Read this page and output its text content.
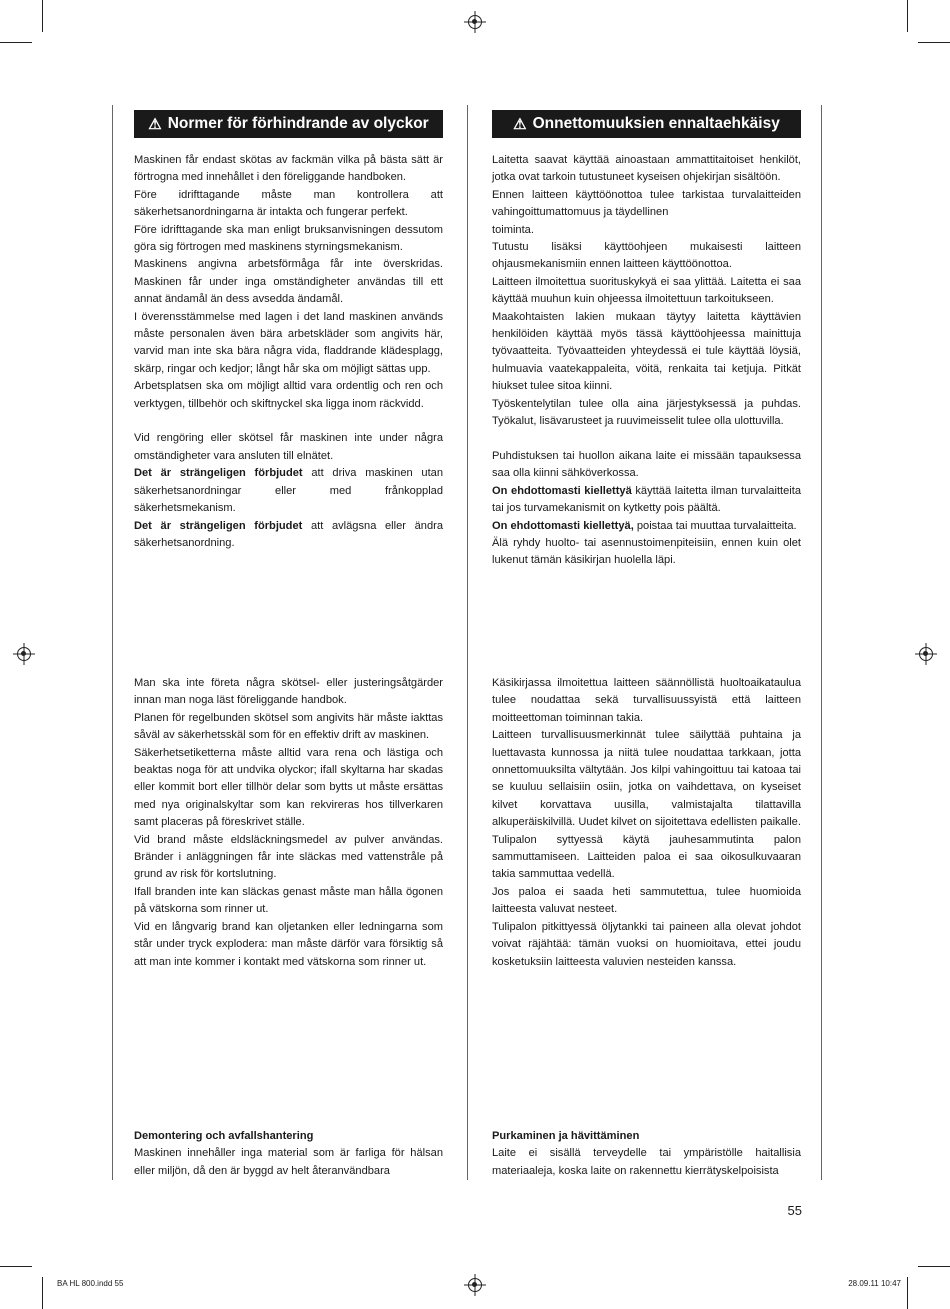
⚠ Normer för förhindrande av olyckor

Maskinen får endast skötas av fackmän vilka på bästa sätt är förtrogna med innehållet i den föreliggande handboken.

Före idrifttagande måste man kontrollera att säkerhetsanordningarna är intakta och fungerar perfekt.

Före idrifttagande ska man enligt bruksanvisningen dessutom göra sig förtrogen med maskinens styrningsmekanism.

Maskinens angivna arbetsförmåga får inte överskridas. Maskinen får under inga omständigheter användas till ett annat ändamål än dess avsedda ändamål.

I överensstämmelse med lagen i det land maskinen används måste personalen även bära arbetskläder som angivits här, varvid man inte ska bära några vida, fladdrande klädesplagg, skärp, ringar och kedjor; långt hår ska om möjligt sättas upp.

Arbetsplatsen ska om möjligt alltid vara ordentlig och ren och verktygen, tillbehör och skiftnyckel ska ligga inom räckvidd.

Vid rengöring eller skötsel får maskinen inte under några omständigheter vara ansluten till elnätet.

Det är strängeligen förbjudet att driva maskinen utan säkerhetsanordningar eller med frånkopplad säkerhetsmekanism.

Det är strängeligen förbjudet att avlägsna eller ändra säkerhetsanordning.

Man ska inte företa några skötsel- eller justeringsåtgärder innan man noga läst föreliggande handbok.

Planen för regelbunden skötsel som angivits här måste iakttas såväl av säkerhetsskäl som för en effektiv drift av maskinen.

Säkerhetsetiketterna måste alltid vara rena och lästiga och beaktas noga för att undvika olyckor; ifall skyltarna har skadas eller kommit bort eller tillhör delar som bytts ut måste ersättas med nya originalskyltar som kan rekvireras hos tillverkaren samt placeras på föreskrivet ställe.

Vid brand måste eldsläckningsmedel av pulver användas. Bränder i anläggningen får inte släckas med vattenstråle på grund av risk för kortslutning.

Ifall branden inte kan släckas genast måste man hålla ögonen på vätskorna som rinner ut.

Vid en långvarig brand kan oljetanken eller ledningarna som står under tryck explodera: man måste därför vara försiktig så att man inte kommer i kontakt med vätskorna som rinner ut.

Demontering och avfallshantering

Maskinen innehåller inga material som är farliga för hälsan eller miljön, då den är byggd av helt återanvändbara

⚠ Onnettomuuksien ennaltaehkäisy

Laitetta saavat käyttää ainoastaan ammattitaitoiset henkilöt, jotka ovat tarkoin tutustuneet kyseisen ohjekirjan sisältöön.

Ennen laitteen käyttöönottoa tulee tarkistaa turvalaitteiden vahingoittumattomuus ja täydellinen

toiminta.

Tutustu lisäksi käyttöohjeen mukaisesti laitteen ohjausmekanismiin ennen laitteen käyttöönottoa.

Laitteen ilmoitettua suorituskykyä ei saa ylittää. Laitetta ei saa käyttää muuhun kuin ohjeessa ilmoitettuun tarkoitukseen.

Maakohtaisten lakien mukaan täytyy laitetta käyttävien henkilöiden käyttää myös tässä käyttöohjeessa mainittuja työvaatteita. Työvaatteiden yhteydessä ei tule käyttää löysiä, hulmuavia vaatekappaleita, vöitä, renkaita tai ketjuja. Pitkät hiukset tulee sitoa kiinni.

Työskentelytilan tulee olla aina järjestyksessä ja puhdas. Työkalut, lisävarusteet ja ruuvimeisselit tulee olla ulottuvilla.

Puhdistuksen tai huollon aikana laite ei missään tapauksessa saa olla kiinni sähköverkossa.

On ehdottomasti kiellettyä käyttää laitetta ilman turvalaitteita tai jos turvamekanismit on kytketty pois päältä.

On ehdottomasti kiellettyä, poistaa tai muuttaa turvalaitteita.

Älä ryhdy huolto- tai asennustoimenpiteisiin, ennen kuin olet lukenut tämän käsikirjan huolella läpi.

Käsikirjassa ilmoitettua laitteen säännöllistä huoltoaikataulua tulee noudattaa sekä turvallisuussyistä että laitteen moitteettoman toiminnan takia.

Laitteen turvallisuusmerkinnät tulee säilyttää puhtaina ja luettavasta kunnossa ja niitä tulee noudattaa tarkkaan, jotta onnettomuuksilta vältytään. Jos kilpi vahingoittuu tai katoaa tai se kuuluu sellaisiin osiin, jotka on vaihdettava, on kyseiset kilvet korvattava uusilla, valmistajalta tilattavilla alkuperäiskilvillä. Uudet kilvet on sijoitettava edellisten paikalle.

Tulipalon syttyessä käytä jauhesammutinta palon sammuttamiseen. Laitteiden paloa ei saa oikosulkuvaaran takia sammuttaa vedellä.

Jos paloa ei saada heti sammutettua, tulee huomioida laitteesta valuvat nesteet.

Tulipalon pitkittyessä öljytankki tai paineen alla olevat johdot voivat räjähtää: tämän vuoksi on huomioitava, ettei joudu kosketuksiin laitteesta valuvien nesteiden kanssa.

Purkaminen ja hävittäminen

Laite ei sisällä terveydelle tai ympäristölle haitallisia materiaaleja, koska laite on rakennettu kierrätyskelpoisista

55
BA HL 800.indd 55	28.09.11 10:47
